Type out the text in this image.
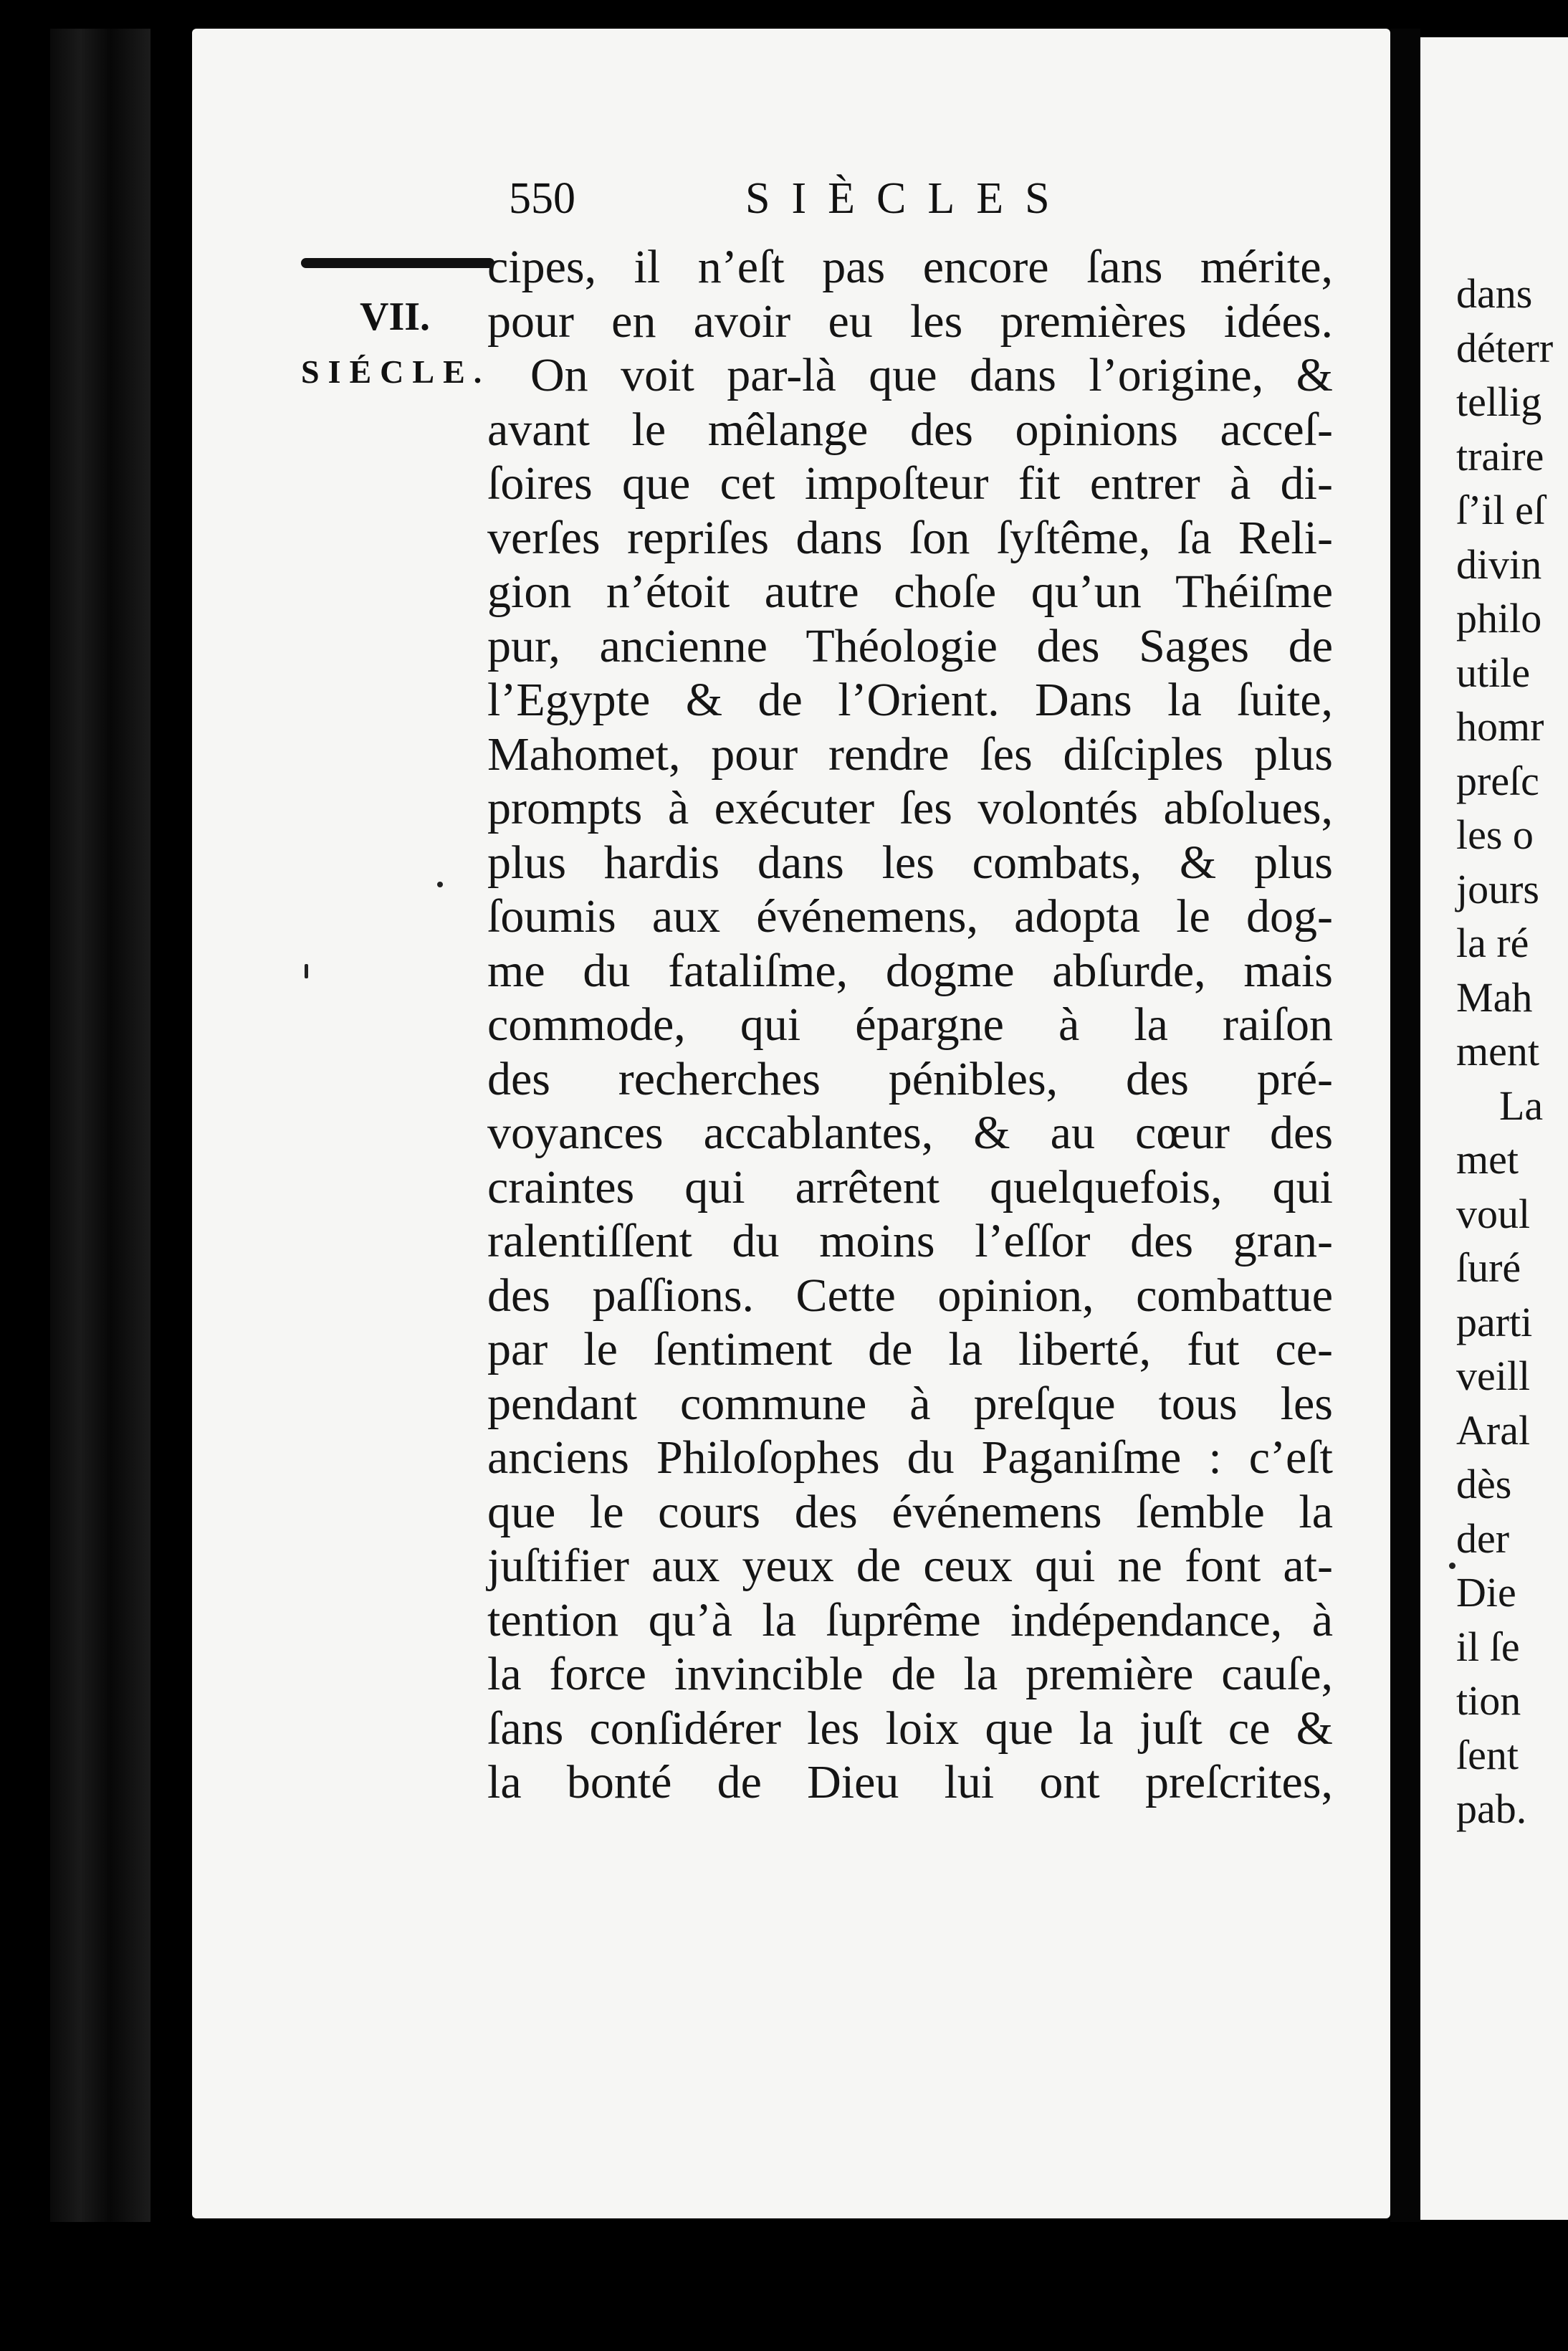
dans
déterr
tellig
traire
ſ’il eſ
divin
philo
utile
homr
preſc
les o
jours
la ré
Mah
ment
La
met
voul
ſuré
parti
veill
Aral
dès
der
Die
il ſe
tion
ſent
pab.
550	SIÈCLES
VII.
SIÉCLE.
cipes, il n’eſt pas encore ſans mérite,
pour en avoir eu les premières idées.
On voit par-là que dans l’origine, &
avant le mêlange des opinions acceſ-
ſoires que cet impoſteur fit entrer à di-
verſes repriſes dans ſon ſyſtême, ſa Reli-
gion n’étoit autre choſe qu’un Théiſme
pur, ancienne Théologie des Sages de
l’Egypte & de l’Orient. Dans la ſuite,
Mahomet, pour rendre ſes diſciples plus
prompts à exécuter ſes volontés abſolues,
plus hardis dans les combats, & plus
ſoumis aux événemens, adopta le dog-
me du fataliſme, dogme abſurde, mais
commode, qui épargne à la raiſon
des recherches pénibles, des pré-
voyances accablantes, & au cœur des
craintes qui arrêtent quelquefois, qui
ralentiſſent du moins l’eſſor des gran-
des paſſions. Cette opinion, combattue
par le ſentiment de la liberté, fut ce-
pendant commune à preſque tous les
anciens Philoſophes du Paganiſme : c’eſt
que le cours des événemens ſemble la
juſtifier aux yeux de ceux qui ne font at-
tention qu’à la ſuprême indépendance, à
la force invincible de la première cauſe,
ſans conſidérer les loix que la juſt ce &
la bonté de Dieu lui ont preſcrites,
